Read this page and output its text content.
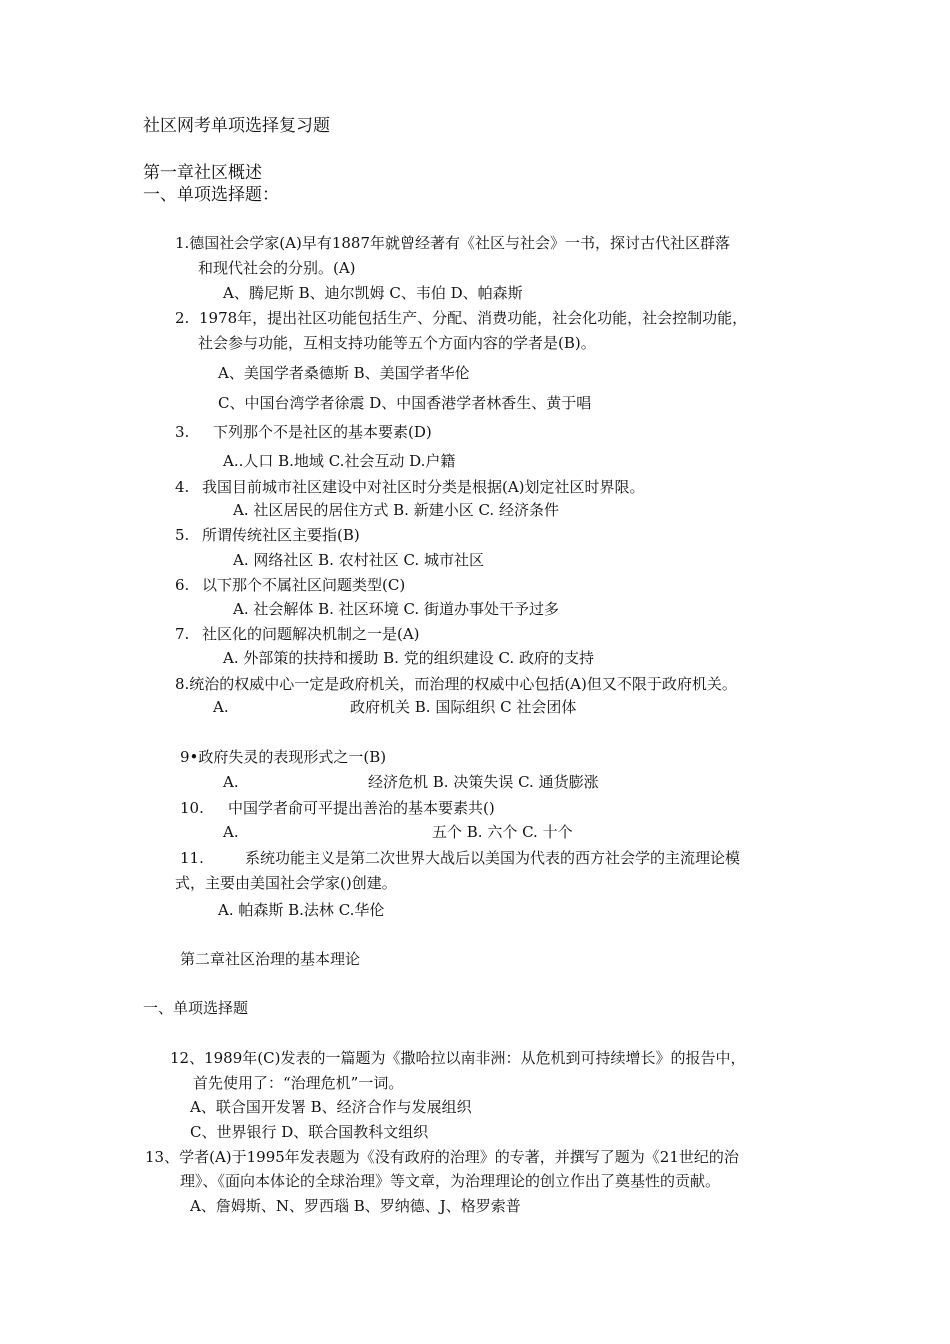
社区网考单项选择复习题
第一章社区概述
一、单项选择题：
1.德国社会学家(A)早有1887年就曾经著有《社区与社会》一书，探讨古代社区群落
和现代社会的分别。(A)
A、腾尼斯 B、迪尔凯姆 C、韦伯 D、帕森斯
2. 1978年，提出社区功能包括生产、分配、消费功能，社会化功能，社会控制功能，
社会参与功能，互相支持功能等五个方面内容的学者是(B)。
A、美国学者桑德斯 B、美国学者华伦
C、中国台湾学者徐震 D、中国香港学者林香生、黄于唱
3. 下列那个不是社区的基本要素(D)
A..人口 B.地域 C.社会互动 D.户籍
4. 我国目前城市社区建设中对社区时分类是根据(A)划定社区时界限。
A. 社区居民的居住方式 B. 新建小区 C. 经济条件
5. 所谓传统社区主要指(B)
A. 网络社区 B. 农村社区 C. 城市社区
6. 以下那个不属社区问题类型(C)
A. 社会解体 B. 社区环境 C. 街道办事处干予过多
7. 社区化的问题解决机制之一是(A)
A. 外部策的扶持和援助 B. 党的组织建设 C. 政府的支持
8.统治的权威中心一定是政府机关，而治理的权威中心包括(A)但又不限于政府机关。
A.	政府机关 B. 国际组织 C 社会团体
9•政府失灵的表现形式之一(B)
A.	经济危机 B. 决策失误 C. 通货膨涨
10. 中国学者俞可平提出善治的基本要素共()
A.	五个 B. 六个 C. 十个
11.	系统功能主义是第二次世界大战后以美国为代表的西方社会学的主流理论模
式，主要由美国社会学家()创建。
A. 帕森斯 B.法林 C.华伦
第二章社区治理的基本理论
一、单项选择题
12、1989年(C)发表的一篇题为《撒哈拉以南非洲：从危机到可持续增长》的报告中，
首先使用了：“治理危机”一词。
A、联合国开发署 B、经济合作与发展组织
C、世界银行 D、联合国教科文组织
13、学者(A)于1995年发表题为《没有政府的治理》的专著，并撰写了题为《21世纪的治
理》、《面向本体论的全球治理》等文章，为治理理论的创立作出了奠基性的贡献。
A、詹姆斯、N、罗西瑙 B、罗纳德、J、格罗索普
